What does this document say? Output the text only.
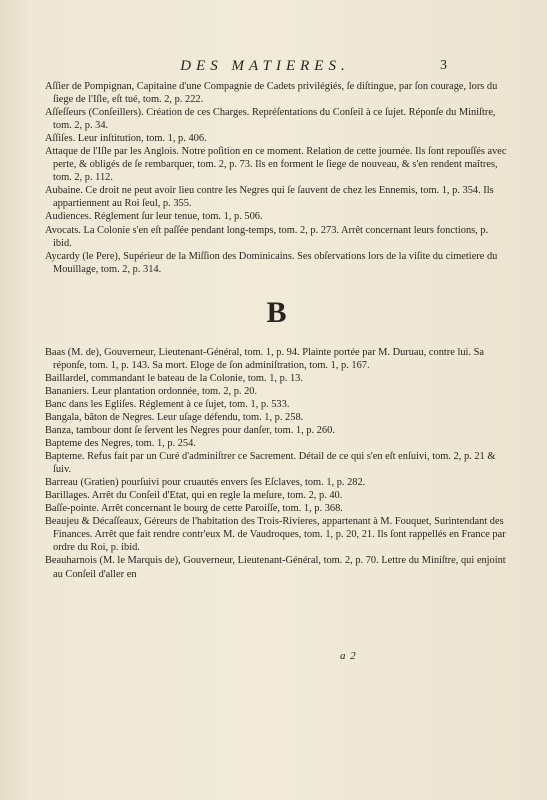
DES MATIERES.	3

Aſſier de Pompignan, Capitaine d'une Compagnie de Cadets privilégiés, ſe diſtingue, par ſon courage, lors du ſiege de l'Iſle, eſt tué, tom. 2, p. 222.

Aſſeſſeurs (Conſeillers). Création de ces Charges. Repréſentations du Conſeil à ce ſujet. Réponſe du Miniſtre, tom. 2, p. 34.

Aſſiſes. Leur inſtitution, tom. 1, p. 406.

Attaque de l'Iſle par les Anglois. Notre poſition en ce moment. Relation de cette journée. Ils ſont repouſſés avec perte, & obligés de ſe rembarquer, tom. 2, p. 73. Ils en forment le ſiege de nouveau, & s'en rendent maîtres, tom. 2, p. 112.

Aubaine. Ce droit ne peut avoir lieu contre les Negres qui ſe ſauvent de chez les Ennemis, tom. 1, p. 354. Ils appartiennent au Roi ſeul, p. 355.

Audiences. Réglement ſur leur tenue, tom. 1, p. 506.

Avocats. La Colonie s'en eſt paſſée pendant long-temps, tom. 2, p. 273. Arrêt concernant leurs fonctions, p. ibid.

Aycardy (le Pere), Supérieur de la Miſſion des Dominicains. Ses obſervations lors de la viſite du cimetiere du Mouillage, tom. 2, p. 314.

B

Baas (M. de), Gouverneur, Lieutenant-Général, tom. 1, p. 94. Plainte portée par M. Duruau, contre lui. Sa réponſe, tom. 1, p. 143. Sa mort. Eloge de ſon adminiſtration, tom. 1, p. 167.

Baillardel, commandant le bateau de la Colonie, tom. 1, p. 13.

Bananiers. Leur plantation ordonnée, tom. 2, p. 20.

Banc dans les Egliſes. Réglement à ce ſujet, tom. 1, p. 533.

Bangala, bâton de Negres. Leur uſage défendu, tom. 1, p. 258.

Banza, tambour dont ſe ſervent les Negres pour danſer, tom. 1, p. 260.

Bapteme des Negres, tom. 1, p. 254.

Bapteme. Refus fait par un Curé d'adminiſtrer ce Sacrement. Détail de ce qui s'en eſt enſuivi, tom. 2, p. 21 & ſuiv.

Barreau (Gratien) pourſuivi pour cruautés envers ſes Eſclaves, tom. 1, p. 282.

Barillages. Arrêt du Conſeil d'Etat, qui en regle la meſure, tom. 2, p. 40.

Baſſe-pointe. Arrêt concernant le bourg de cette Paroiſſe, tom. 1, p. 368.

Beaujeu & Décaſſeaux, Géreurs de l'habitation des Trois-Rivieres, appartenant à M. Fouquet, Surintendant des Finances. Arrêt que fait rendre contr'eux M. de Vaudroques, tom. 1, p. 20, 21. Ils ſont rappellés en France par ordre du Roi, p. ibid.

Beauharnois (M. le Marquis de), Gouverneur, Lieutenant-Général, tom. 2, p. 70. Lettre du Miniſtre, qui enjoint au Conſeil d'aller en

a 2
